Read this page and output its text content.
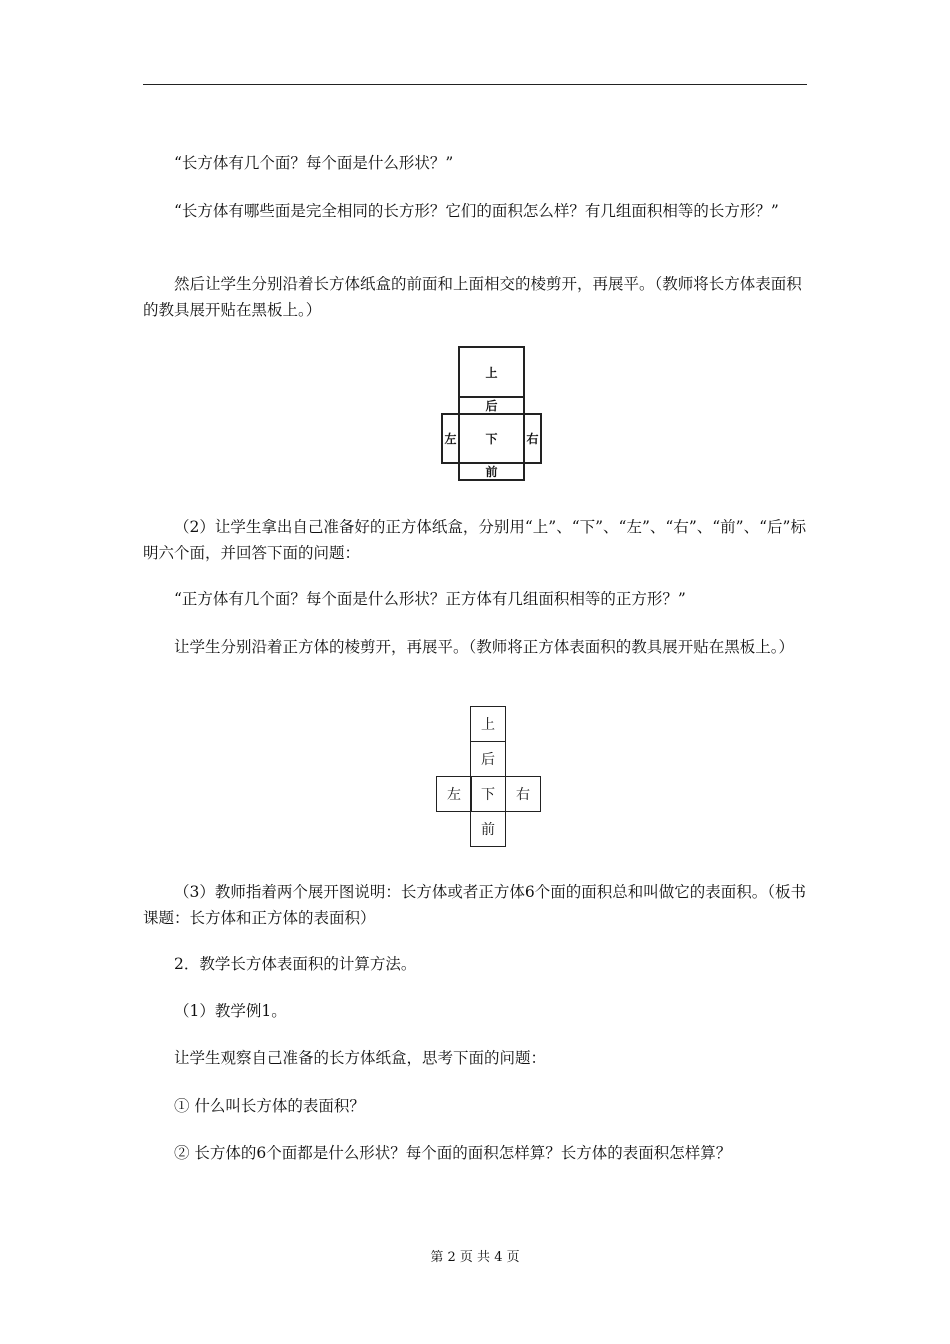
“长方体有几个面？每个面是什么形状？”

“长方体有哪些面是完全相同的长方形？它们的面积怎么样？有几组面积相等的长方形？”

然后让学生分别沿着长方体纸盒的前面和上面相交的棱剪开，再展平。（教师将长方体表面积的教具展开贴在黑板上。）

上
后
左	下	右
前

（2）让学生拿出自己准备好的正方体纸盒，分别用“上”、“下”、“左”、“右”、“前”、“后”标明六个面，并回答下面的问题：

“正方体有几个面？每个面是什么形状？正方体有几组面积相等的正方形？”

让学生分别沿着正方体的棱剪开，再展平。（教师将正方体表面积的教具展开贴在黑板上。）

上
后
左	下	右
前

（3）教师指着两个展开图说明：长方体或者正方体6个面的面积总和叫做它的表面积。（板书课题：长方体和正方体的表面积）

2．教学长方体表面积的计算方法。

（1）教学例1。

让学生观察自己准备的长方体纸盒，思考下面的问题：

① 什么叫长方体的表面积？

② 长方体的6个面都是什么形状？每个面的面积怎样算？长方体的表面积怎样算？

第 2 页 共 4 页
